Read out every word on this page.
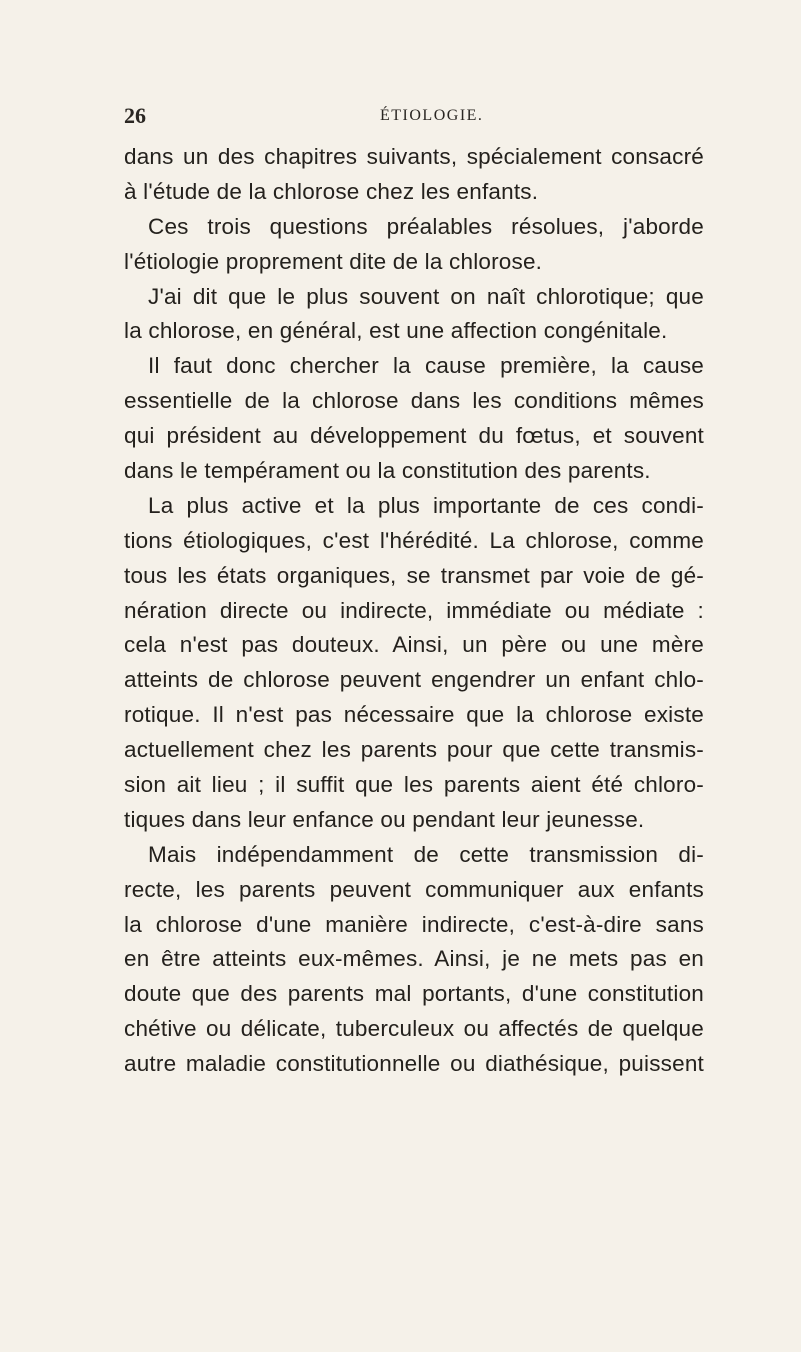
26	ÉTIOLOGIE.
dans un des chapitres suivants, spécialement consacré
à l'étude de la chlorose chez les enfants.
Ces trois questions préalables résolues, j'aborde
l'étiologie proprement dite de la chlorose.
J'ai dit que le plus souvent on naît chlorotique; que
la chlorose, en général, est une affection congénitale.
Il faut donc chercher la cause première, la cause
essentielle de la chlorose dans les conditions mêmes
qui président au développement du fœtus, et souvent
dans le tempérament ou la constitution des parents.
La plus active et la plus importante de ces condi-
tions étiologiques, c'est l'hérédité. La chlorose, comme
tous les états organiques, se transmet par voie de gé-
nération directe ou indirecte, immédiate ou médiate :
cela n'est pas douteux. Ainsi, un père ou une mère
atteints de chlorose peuvent engendrer un enfant chlo-
rotique. Il n'est pas nécessaire que la chlorose existe
actuellement chez les parents pour que cette transmis-
sion ait lieu ; il suffit que les parents aient été chloro-
tiques dans leur enfance ou pendant leur jeunesse.
Mais indépendamment de cette transmission di-
recte, les parents peuvent communiquer aux enfants
la chlorose d'une manière indirecte, c'est-à-dire sans
en être atteints eux-mêmes. Ainsi, je ne mets pas en
doute que des parents mal portants, d'une constitution
chétive ou délicate, tuberculeux ou affectés de quelque
autre maladie constitutionnelle ou diathésique, puissent
